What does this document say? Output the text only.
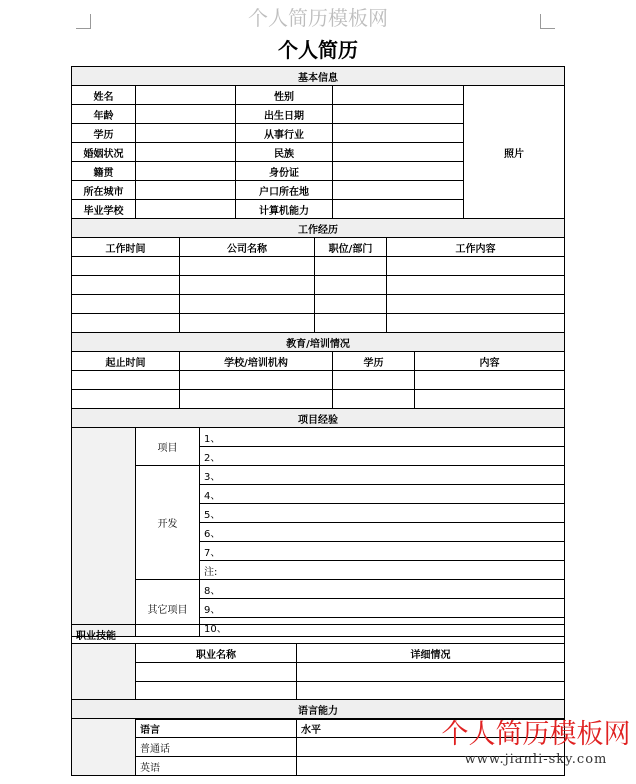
个人简历模板网
个人简历
基本信息				
姓名		性别		照片
年龄		出生日期		
学历		从事行业		
婚姻状况		民族		
籍贯		身份证		
所在城市		户口所在地		
毕业学校		计算机能力		
工作经历			
工作时间	公司名称	职位/部门	工作内容

教育/培训情况			
起止时间	学校/培训机构	学历	内容

项目经验		
	项目	1、
		2、
	开发	3、
		4、
		5、
		6、
		7、
		注:
	其它项目	8、
		9、
		10、
职业技能		
	职业名称	详细情况

语言能力		
	语言	水平
	普通话	
	英语	
个人简历模板网
www.jianli-sky.com
